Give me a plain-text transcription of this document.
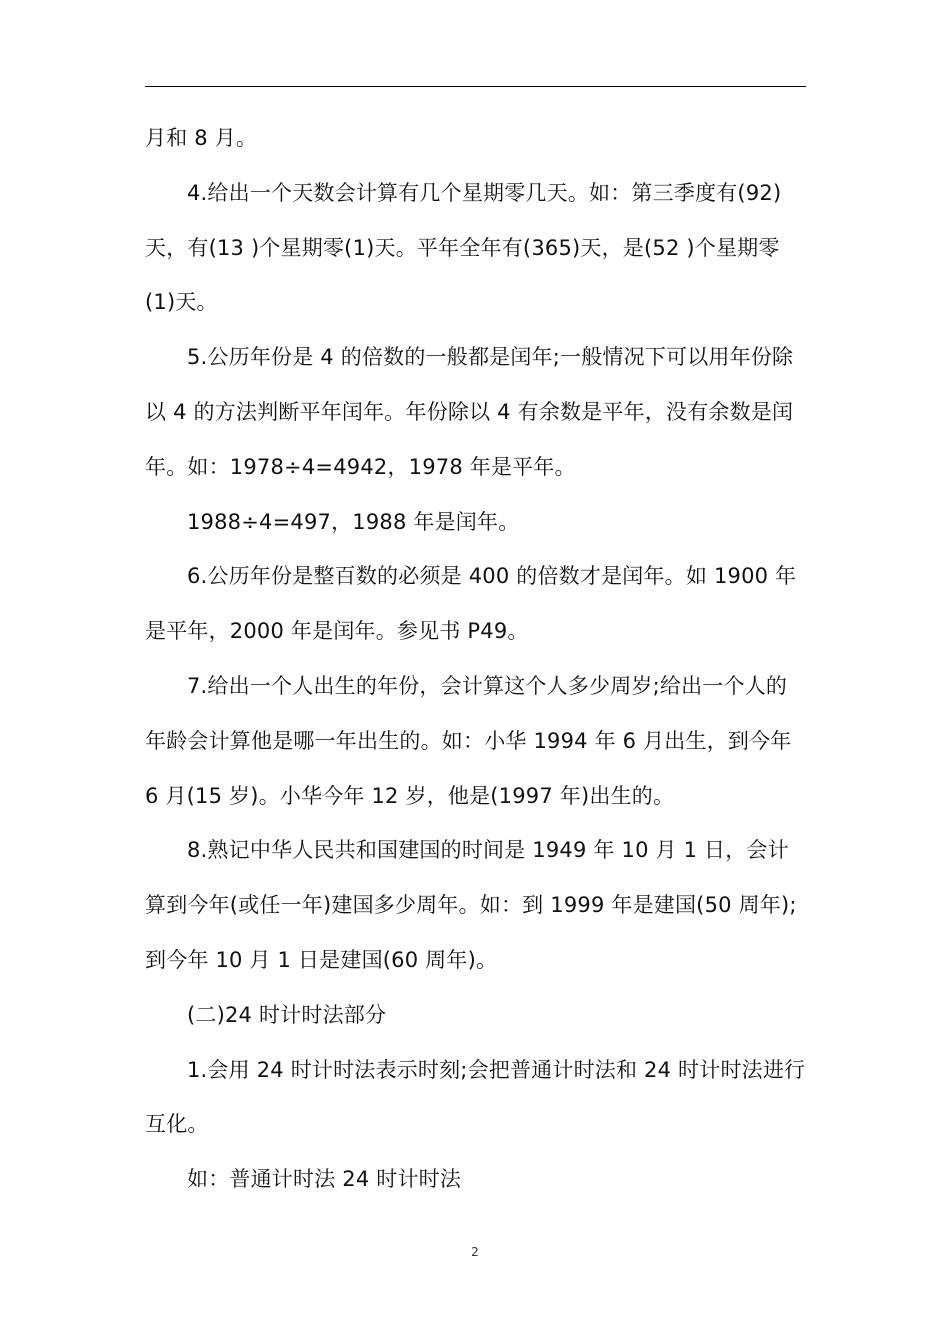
月和 8 月。

4.给出一个天数会计算有几个星期零几天。如：第三季度有(92)天，有(13 )个星期零(1)天。平年全年有(365)天，是(52 )个星期零(1)天。

5.公历年份是 4 的倍数的一般都是闰年;一般情况下可以用年份除以 4 的方法判断平年闰年。年份除以 4 有余数是平年，没有余数是闰年。如：1978÷4=4942，1978 年是平年。

1988÷4=497，1988 年是闰年。

6.公历年份是整百数的必须是 400 的倍数才是闰年。如 1900 年是平年，2000 年是闰年。参见书 P49。

7.给出一个人出生的年份，会计算这个人多少周岁;给出一个人的年龄会计算他是哪一年出生的。如：小华 1994 年 6 月出生，到今年 6 月(15 岁)。小华今年 12 岁，他是(1997 年)出生的。

8.熟记中华人民共和国建国的时间是 1949 年 10 月 1 日，会计算到今年(或任一年)建国多少周年。如：到 1999 年是建国(50 周年);到今年 10 月 1 日是建国(60 周年)。

(二)24 时计时法部分

1.会用 24 时计时法表示时刻;会把普通计时法和 24 时计时法进行互化。

如：普通计时法 24 时计时法

2
